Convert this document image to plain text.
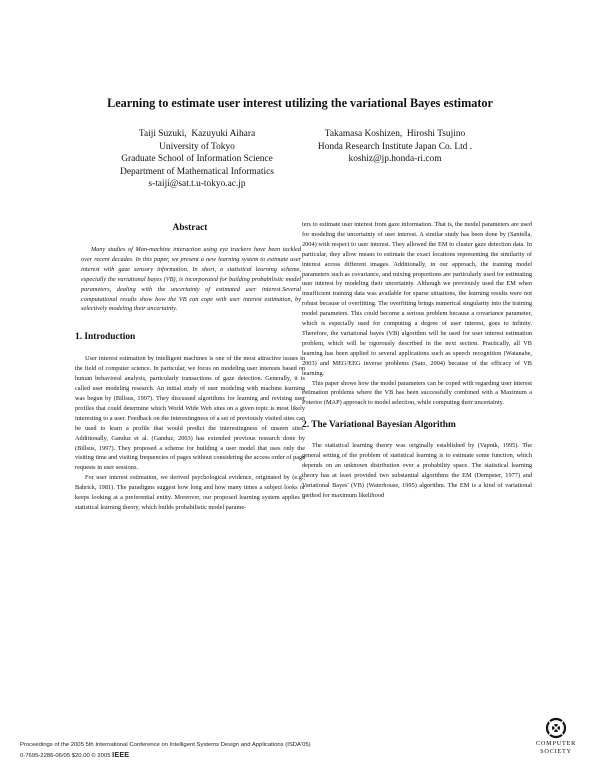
Learning to estimate user interest utilizing the variational Bayes estimator
Taiji Suzuki,  Kazuyuki Aihara
University of Tokyo
Graduate School of Information Science
Department of Mathematical Informatics
s-taiji@sat.t.u-tokyo.ac.jp
Takamasa Koshizen,  Hiroshi Tsujino
Honda Research Institute Japan Co. Ltd .
koshiz@jp.honda-ri.com
Abstract

Many studies of Man-machine interaction using eye trackers have been tackled over recent decades. In this paper, we present a new learning system to estimate user interest with gaze sensory information. In short, a statistical learning scheme, especially the variational bayes (VB), is incorporated for building probabilistic model parameters, dealing with the uncertainty of estimated user interest.Several computational results show how the VB can cope with user interest estimation, by selectively modeling their uncertainty.

1. Introduction

User interest estimation by intelligent machines is one of the most attractive issues in the field of computer science. In particular, we focus on modeling user interests based on human behavioral analysis, particularly transactions of gaze detection. Generally, it is called user modeling research. An initial study of user modeling with machine learning was begun by (Billsus, 1997). They discussed algorithms for learning and revising user profiles that could determine which World Wide Web sites on a given topic is most likely interesting to a user. Feedback on the interestingness of a set of previously visited sites can be used to learn a profile that would predict the interestingness of unseen sites. Additionally, Ganduz et al. (Ganduz, 2003) has extended previous research done by (Billsus, 1997). They proposed a scheme for building a user model that uses only the visiting time and visiting frequencies of pages without considering the access order of page requests in user sessions.

For user interest estimation, we derived psychological evidence, originated by (e.g., Bahrick, 1981). The paradigms suggest how long and how many times a subject looks or keeps looking at a preferential entity. Moreover, our proposed learning system applies a statistical learning theory, which builds probabilistic model parame-

ters to estimate user interest from gaze information. That is, the model parameters are used for modeling the uncertainty of user interest. A similar study has been done by (Santella, 2004) with respect to user interest. They allowed the EM to cluster gaze detection data. In particular, they allow means to estimate the exact locations representing the similarity of interest across different images. Additionally, in our approach, the training model parameters such as covariance, and mixing proportions are particularly used for estimating user interest by modeling their uncertainty. Although we previously used the EM when insufficient training data was available for sparse situations, the learning results were not robust because of overfitting. The overfitting brings numerical singularity into the training model parameters. This could become a serious problem because a covariance parameter, which is especially used for computing a degree of user interest, goes to infinity. Therefore, the variational bayes (VB) algorithm will be used for user interest estimation problem, which will be rigorously described in the next section. Practically, all VB learning has been applied to several applications such as speech recognition (Watanabe, 2003) and MEG/EEG inverse problems (Sato, 2004) because of the efficacy of VB learning.

This paper shows how the model parameters can be coped with regarding user interest estimation problems where the VB has been successfully combined with a Maximum a Poterior (MAP) approach to model selection, while computing their uncertainty.

2. The Variational Bayesian Algorithm

The statistical learning theory was originally established by (Vapnik, 1995). The general setting of the problem of statistical learning is to estimate some function, which depends on an unknown distribution over a probability space. The statistical learning theory has at least provided two substantial algorithms the EM (Dempster, 1977) and Variational Bayes' (VB) (Waterhouse, 1995) algorithm. The EM is a kind of variational method for maximum likelihood

Proceedings of the 2005 5th International Conference on Intelligent Systems Design and Applications (ISDA'05)
0-7695-2286-06/05 $20.00 © 2005 IEEE
COMPUTER
SOCIETY
